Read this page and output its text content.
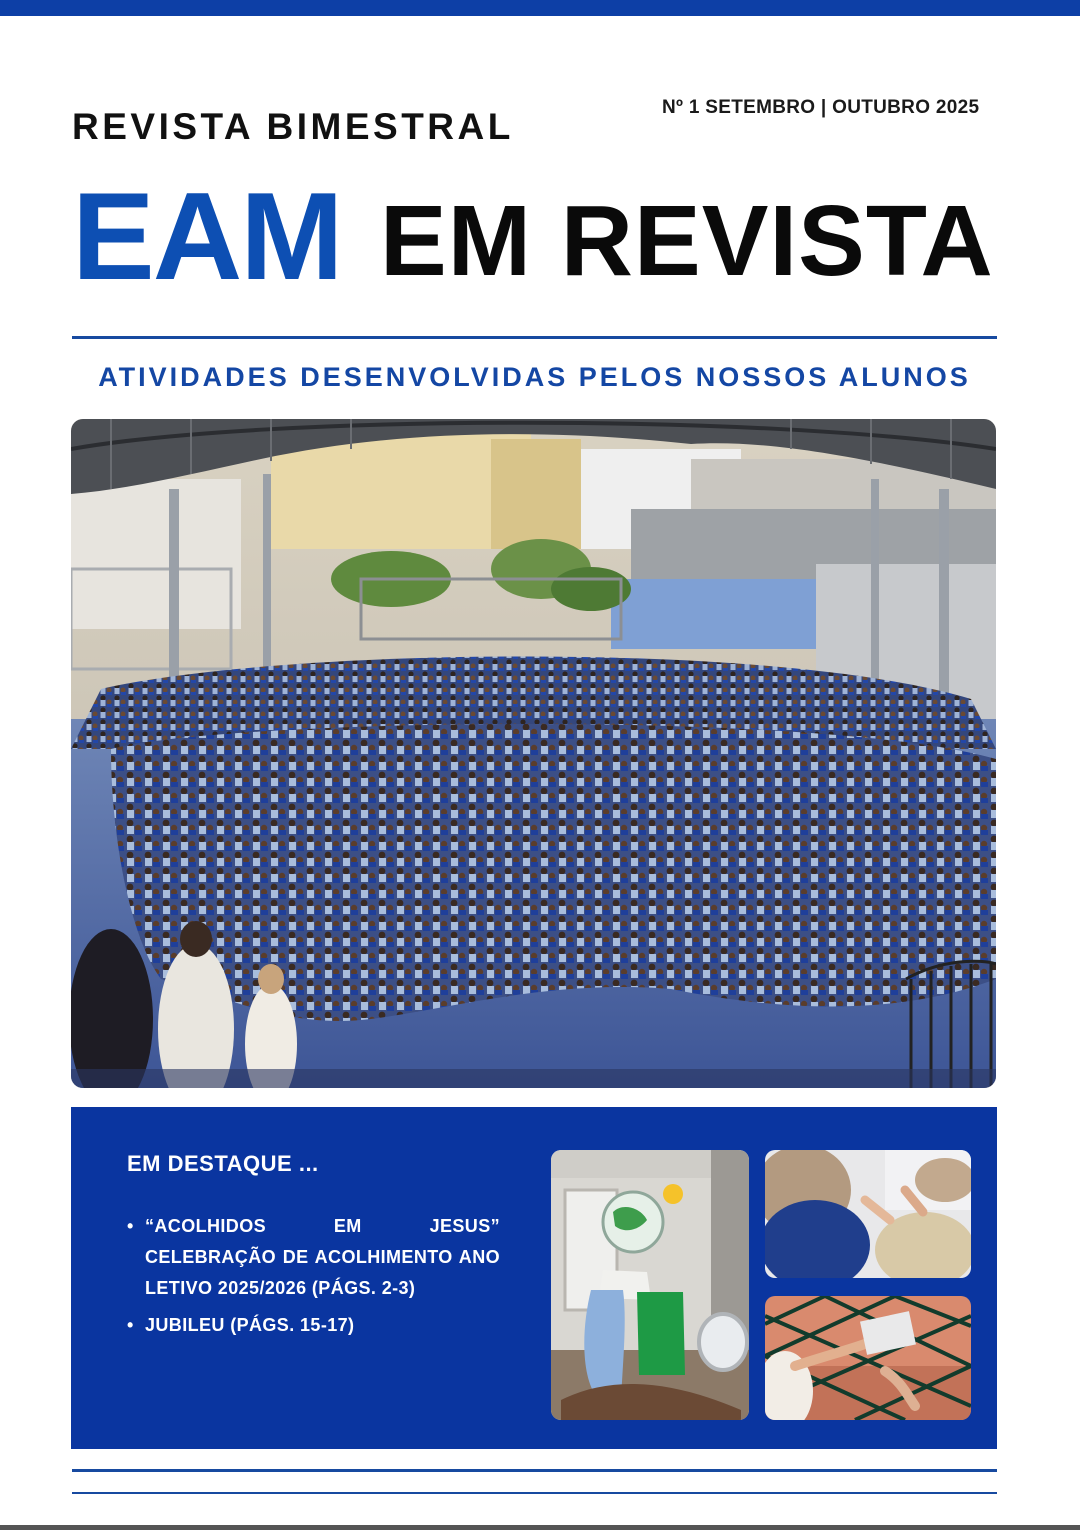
Nº 1 SETEMBRO | OUTUBRO 2025
REVISTA BIMESTRAL
EAM EM REVISTA
ATIVIDADES DESENVOLVIDAS PELOS NOSSOS ALUNOS
EM DESTAQUE ...
• “ACOLHIDOS EM JESUS” CELEBRAÇÃO DE ACOLHIMENTO ANO LETIVO 2025/2026 (PÁGS. 2-3)
• JUBILEU (PÁGS. 15-17)
